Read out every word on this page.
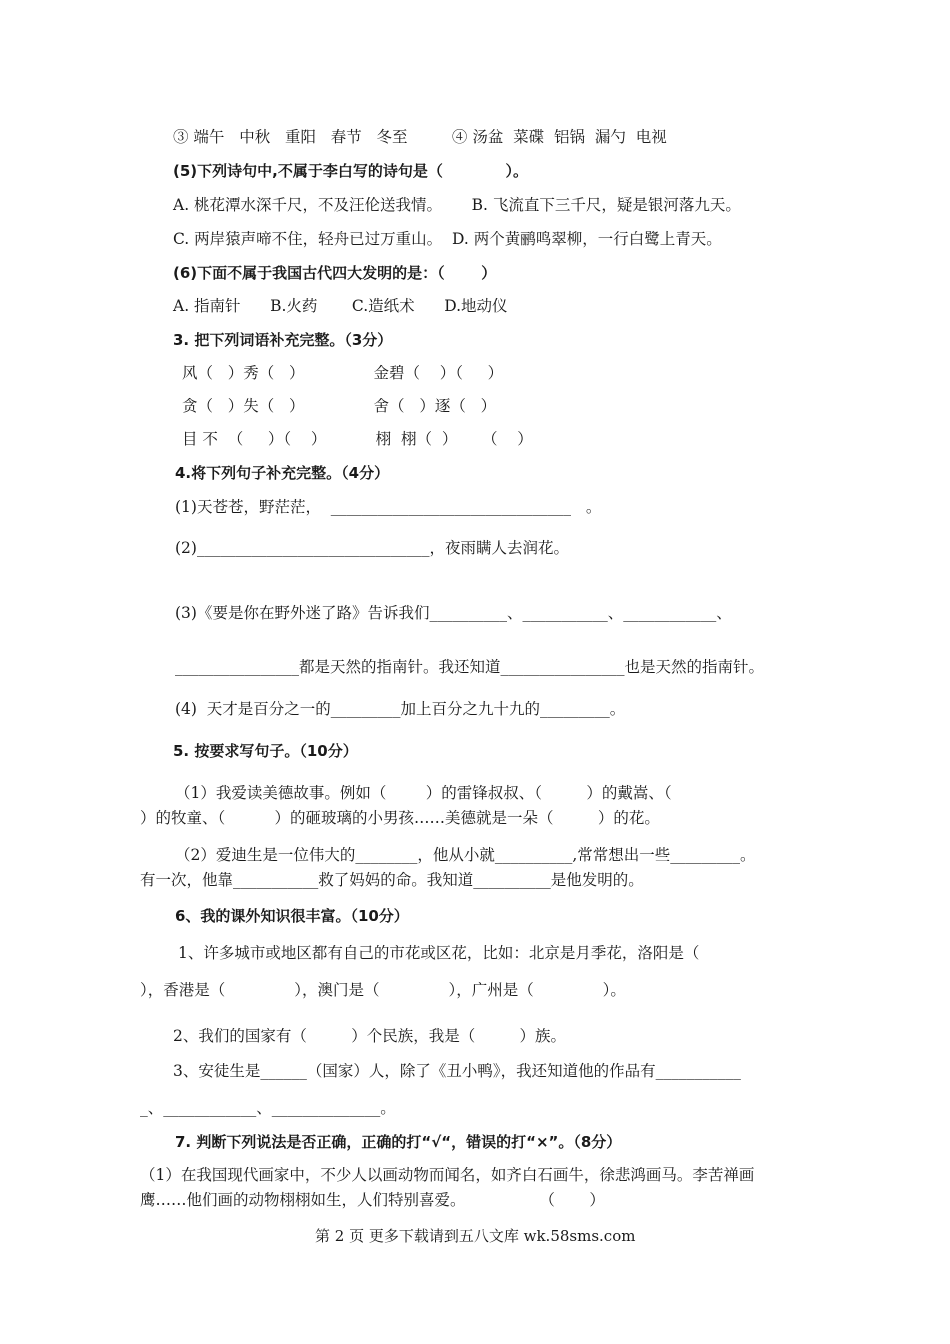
③ 端午   中秋   重阳   春节   冬至         ④ 汤盆  菜碟  铝锅  漏勺  电视
(5)下列诗句中,不属于李白写的诗句是（            ）。
A. 桃花潭水深千尺，不及汪伦送我情。      B. 飞流直下三千尺，疑是银河落九天。
C. 两岸猿声啼不住，轻舟已过万重山。  D. 两个黄鹂鸣翠柳，一行白鹭上青天。
(6)下面不属于我国古代四大发明的是：（       ）
A. 指南针      B.火药       C.造纸术      D.地动仪
3. 把下列词语补充完整。（3分）
风（   ）秀（   ）              金碧（    ）（     ）
贪（   ）失（   ）              舍（   ）逐（   ）
目 不  （     ）（    ）          栩  栩（  ）     （    ）
4.将下列句子补充完整。（4分）
(1)天苍苍，野茫茫，  _______________________________   。
(2)______________________________，夜雨瞒人去润花。
(3)《要是你在野外迷了路》告诉我们__________、___________、____________、
________________都是天然的指南针。我还知道________________也是天然的指南针。
(4)  天才是百分之一的_________加上百分之九十九的_________。
5. 按要求写句子。（10分）
（1）我爱读美德故事。例如（        ）的雷锋叔叔、（         ）的戴嵩、（
）的牧童、（          ）的砸玻璃的小男孩……美德就是一朵（         ）的花。
（2）爱迪生是一位伟大的________，他从小就__________,常常想出一些_________。
有一次，他靠___________救了妈妈的命。我知道__________是他发明的。
6、我的课外知识很丰富。（10分）
1、许多城市或地区都有自己的市花或区花，比如：北京是月季花，洛阳是（
），香港是（              ），澳门是（              ），广州是（              ）。
2、我们的国家有（         ）个民族，我是（         ）族。
3、安徒生是______（国家）人，除了《丑小鸭》，我还知道他的作品有___________
_、____________、______________。
7. 判断下列说法是否正确，正确的打“√“，错误的打“×”。（8分）
（1）在我国现代画家中，不少人以画动物而闻名，如齐白石画牛，徐悲鸿画马。李苦禅画
鹰……他们画的动物栩栩如生，人们特别喜爱。               （       ）
第 2 页 更多下载请到五八文库 wk.58sms.com
